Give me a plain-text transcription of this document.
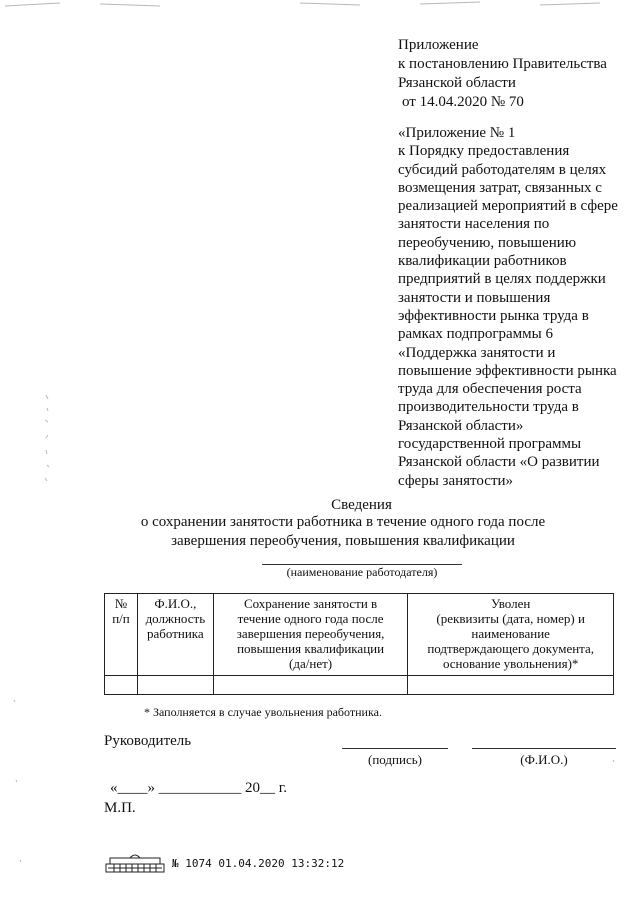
Приложение
к постановлению Правительства
Рязанской области
от 14.04.2020 № 70
«Приложение № 1
к Порядку предоставления
субсидий работодателям в целях
возмещения затрат, связанных с
реализацией мероприятий в сфере
занятости населения по
переобучению, повышению
квалификации работников
предприятий в целях поддержки
занятости и повышения
эффективности рынка труда в
рамках подпрограммы 6
«Поддержка занятости и
повышение эффективности рынка
труда для обеспечения роста
производительности труда в
Рязанской области»
государственной программы
Рязанской области «О развитии
сферы занятости»
Сведения
о сохранении занятости работника в течение одного года после
завершения переобучения, повышения квалификации
(наименование работодателя)
№
п/п	Ф.И.О.,
должность
работника	Сохранение занятости в
течение одного года после
завершения переобучения,
повышения квалификации
(да/нет)	Уволен
(реквизиты (дата, номер) и
наименование
подтверждающего документа,
основание увольнения)*

* Заполняется в случае увольнения работника.
Руководитель
(подпись)	(Ф.И.О.)
«____» ___________ 20__ г.
М.П.
№ 1074 01.04.2020 13:32:12
